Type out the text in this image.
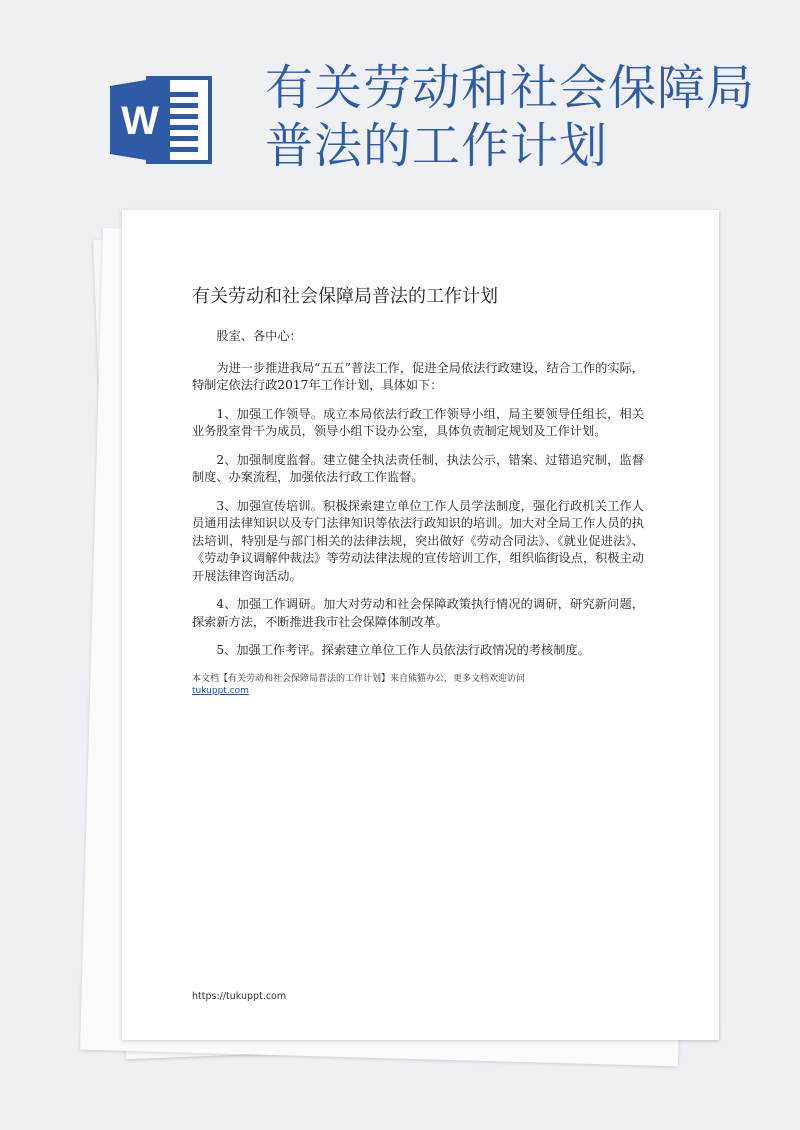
W
有关劳动和社会保障局
普法的工作计划
有关劳动和社会保障局普法的工作计划

股室、各中心：

为进一步推进我局“五五”普法工作，促进全局依法行政建设，结合工作的实际，特制定依法行政2017年工作计划，具体如下：

1、加强工作领导。成立本局依法行政工作领导小组，局主要领导任组长，相关业务股室骨干为成员，领导小组下设办公室，具体负责制定规划及工作计划。

2、加强制度监督。建立健全执法责任制，执法公示，错案、过错追究制，监督制度、办案流程，加强依法行政工作监督。

3、加强宣传培训。积极探索建立单位工作人员学法制度，强化行政机关工作人员通用法律知识以及专门法律知识等依法行政知识的培训。加大对全局工作人员的执法培训，特别是与部门相关的法律法规，突出做好《劳动合同法》、《就业促进法》、《劳动争议调解仲裁法》等劳动法律法规的宣传培训工作，组织临街设点，积极主动开展法律咨询活动。

4、加强工作调研。加大对劳动和社会保障政策执行情况的调研，研究新问题，探索新方法，不断推进我市社会保障体制改革。

5、加强工作考评。探索建立单位工作人员依法行政情况的考核制度。

本文档【有关劳动和社会保障局普法的工作计划】来自熊猫办公，更多文档欢迎访问
tukuppt.com
https://tukuppt.com
